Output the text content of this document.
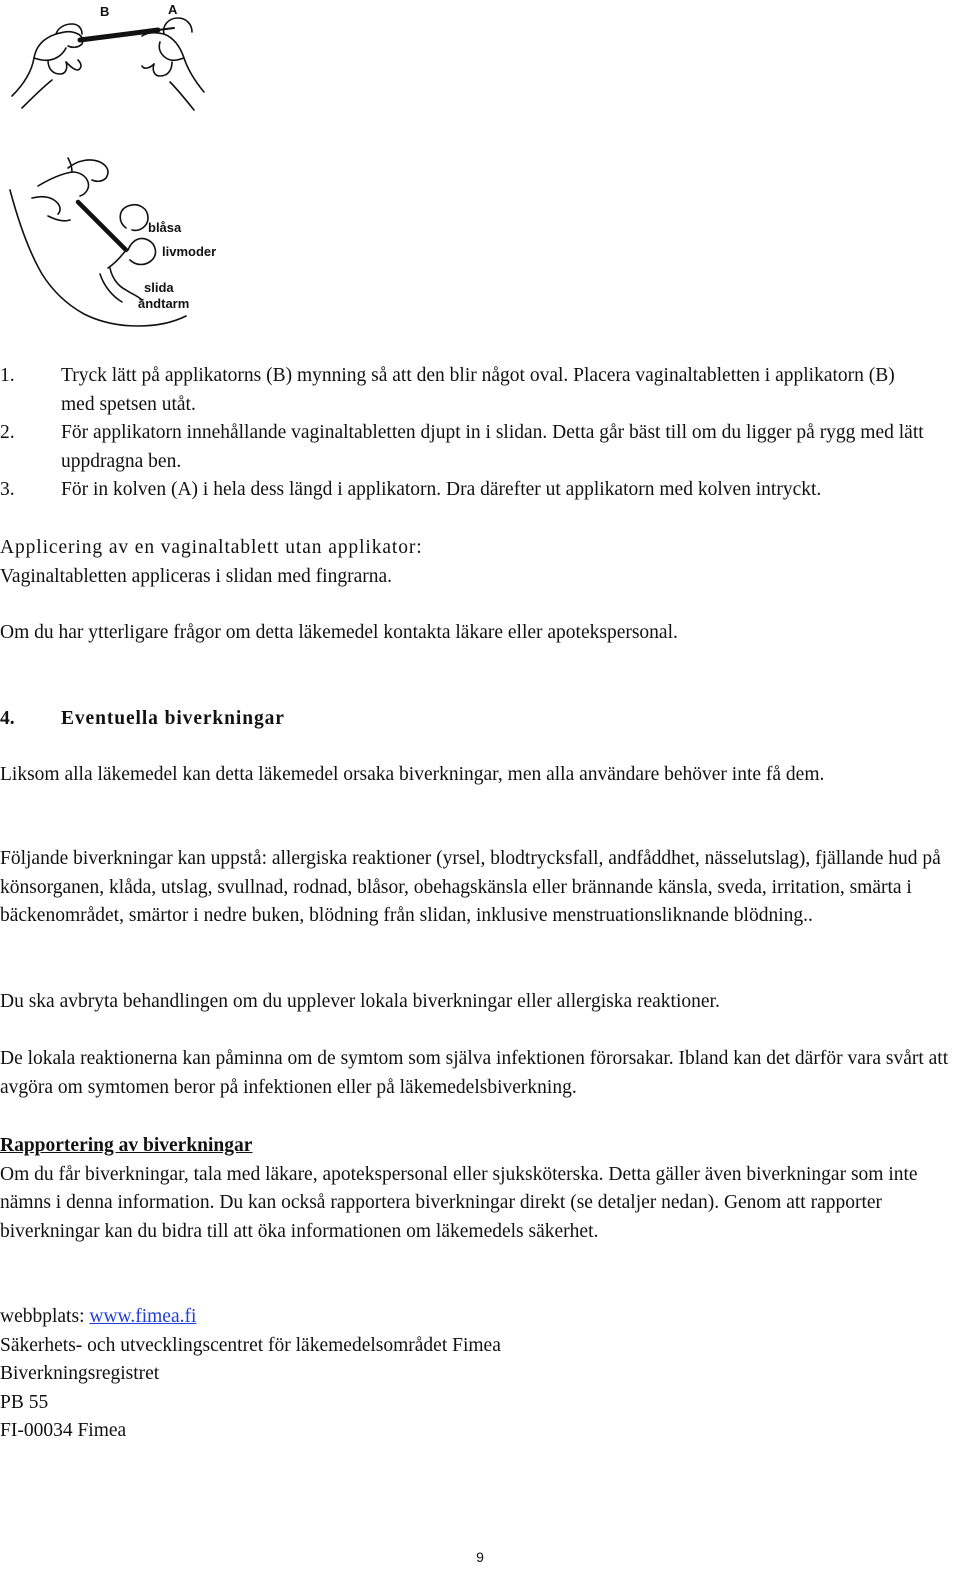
B	A
blåsa
livmoder
slida
ändtarm
1. Tryck lätt på applikatorns (B) mynning så att den blir något oval. Placera vaginaltabletten i applikatorn (B) med spetsen utåt.
2. För applikatorn innehållande vaginaltabletten djupt in i slidan. Detta går bäst till om du ligger på rygg med lätt uppdragna ben.
3. För in kolven (A) i hela dess längd i applikatorn. Dra därefter ut applikatorn med kolven intryckt.
Applicering av en vaginaltablett utan applikator:
Vaginaltabletten appliceras i slidan med fingrarna.

Om du har ytterligare frågor om detta läkemedel kontakta läkare eller apotekspersonal.

4. Eventuella biverkningar

Liksom alla läkemedel kan detta läkemedel orsaka biverkningar, men alla användare behöver inte få dem.

Följande biverkningar kan uppstå: allergiska reaktioner (yrsel, blodtrycksfall, andfåddhet, nässelutslag), fjällande hud på könsorganen, klåda, utslag, svullnad, rodnad, blåsor, obehagskänsla eller brännande känsla, sveda, irritation, smärta i bäckenområdet, smärtor i nedre buken, blödning från slidan, inklusive menstruationsliknande blödning..

Du ska avbryta behandlingen om du upplever lokala biverkningar eller allergiska reaktioner.

De lokala reaktionerna kan påminna om de symtom som själva infektionen förorsakar. Ibland kan det därför vara svårt att avgöra om symtomen beror på infektionen eller på läkemedelsbiverkning.

Rapportering av biverkningar
Om du får biverkningar, tala med läkare, apotekspersonal eller sjuksköterska. Detta gäller även biverkningar som inte nämns i denna information. Du kan också rapportera biverkningar direkt (se detaljer nedan). Genom att rapporter biverkningar kan du bidra till att öka informationen om läkemedels säkerhet.
webbplats: www.fimea.fi
Säkerhets- och utvecklingscentret för läkemedelsområdet Fimea
Biverkningsregistret
PB 55
FI-00034 Fimea
9
